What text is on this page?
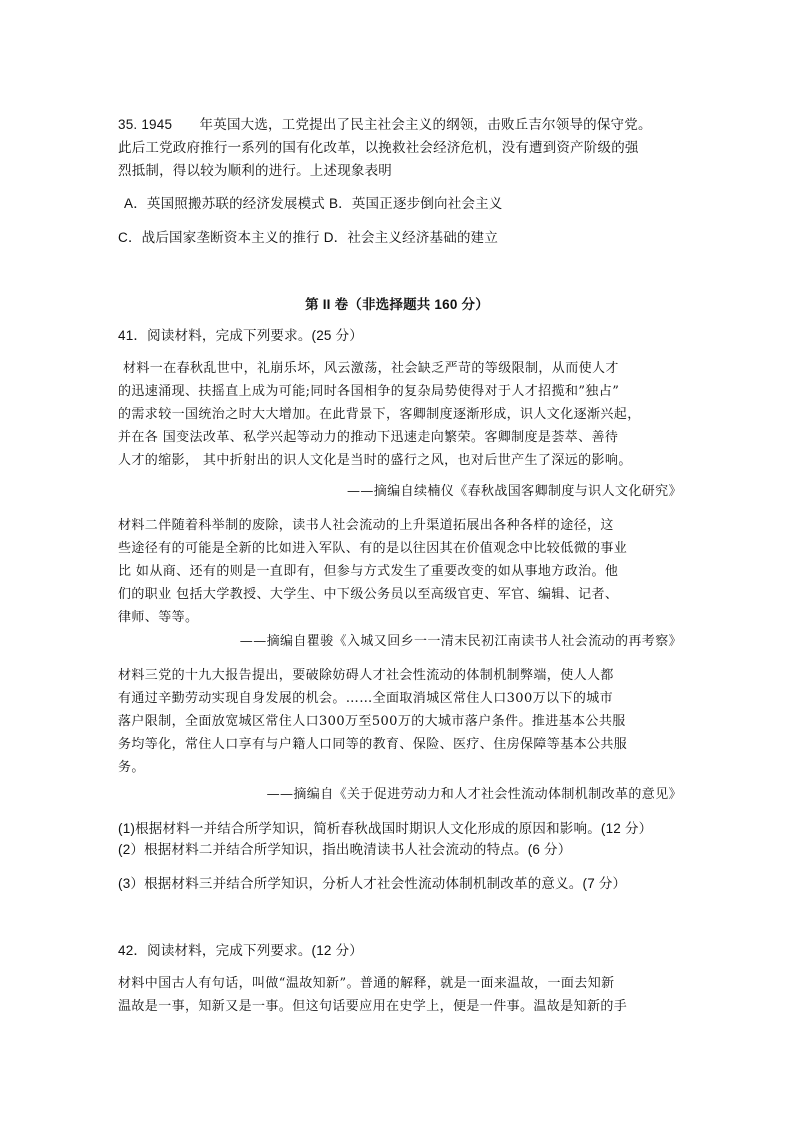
35. 1945　　年英国大选，工党提出了民主社会主义的纲领，击败丘吉尔领导的保守党。
此后工党政府推行一系列的国有化改革，以挽救社会经济危机，没有遭到资产阶级的强
烈抵制，得以较为顺利的进行。上述现象表明
A．英国照搬苏联的经济发展模式 B．英国正逐步倒向社会主义
C．战后国家垄断资本主义的推行 D．社会主义经济基础的建立
第 II 卷（非选择题共 160 分）
41．阅读材料，完成下列要求。(25 分）
材料一在春秋乱世中，礼崩乐坏，风云激荡，社会缺乏严苛的等级限制，从而使人才
的迅速涌现、扶摇直上成为可能;同时各国相争的复杂局势使得对于人才招揽和”独占”
的需求较一国统治之时大大增加。在此背景下，客卿制度逐渐形成，识人文化逐渐兴起，
并在各 国变法改革、私学兴起等动力的推动下迅速走向繁荣。客卿制度是荟萃、善待
人才的缩影， 其中折射出的识人文化是当时的盛行之风，也对后世产生了深远的影响。
——摘编自续楠仪《春秋战国客卿制度与识人文化研究》
材料二伴随着科举制的废除，读书人社会流动的上升渠道拓展出各种各样的途径，这
些途径有的可能是全新的比如进入军队、有的是以往因其在价值观念中比较低微的事业
比 如从商、还有的则是一直即有，但参与方式发生了重要改变的如从事地方政治。他
们的职业 包括大学教授、大学生、中下级公务员以至高级官吏、军官、编辑、记者、
律师、等等。
——摘编自瞿骏《入城又回乡一一清末民初江南读书人社会流动的再考察》
材料三党的十九大报告提出，要破除妨碍人才社会性流动的体制机制弊端，使人人都
有通过辛勤劳动实现自身发展的机会。……全面取消城区常住人口300万以下的城市
落户限制，全面放宽城区常住人口300万至500万的大城市落户条件。推进基本公共服
务均等化，常住人口享有与户籍人口同等的教育、保险、医疗、住房保障等基本公共服
务。
——摘编自《关于促进劳动力和人才社会性流动体制机制改革的意见》
(1)根据材料一并结合所学知识，简析春秋战国时期识人文化形成的原因和影响。(12 分）
(2）根据材料二并结合所学知识，指出晚清读书人社会流动的特点。(6 分）
(3）根据材料三并结合所学知识，分析人才社会性流动体制机制改革的意义。(7 分）
42．阅读材料，完成下列要求。(12 分）
材料中国古人有句话，叫做“温故知新”。普通的解释，就是一面来温故，一面去知新
温故是一事，知新又是一事。但这句话要应用在史学上，便是一件事。温故是知新的手
